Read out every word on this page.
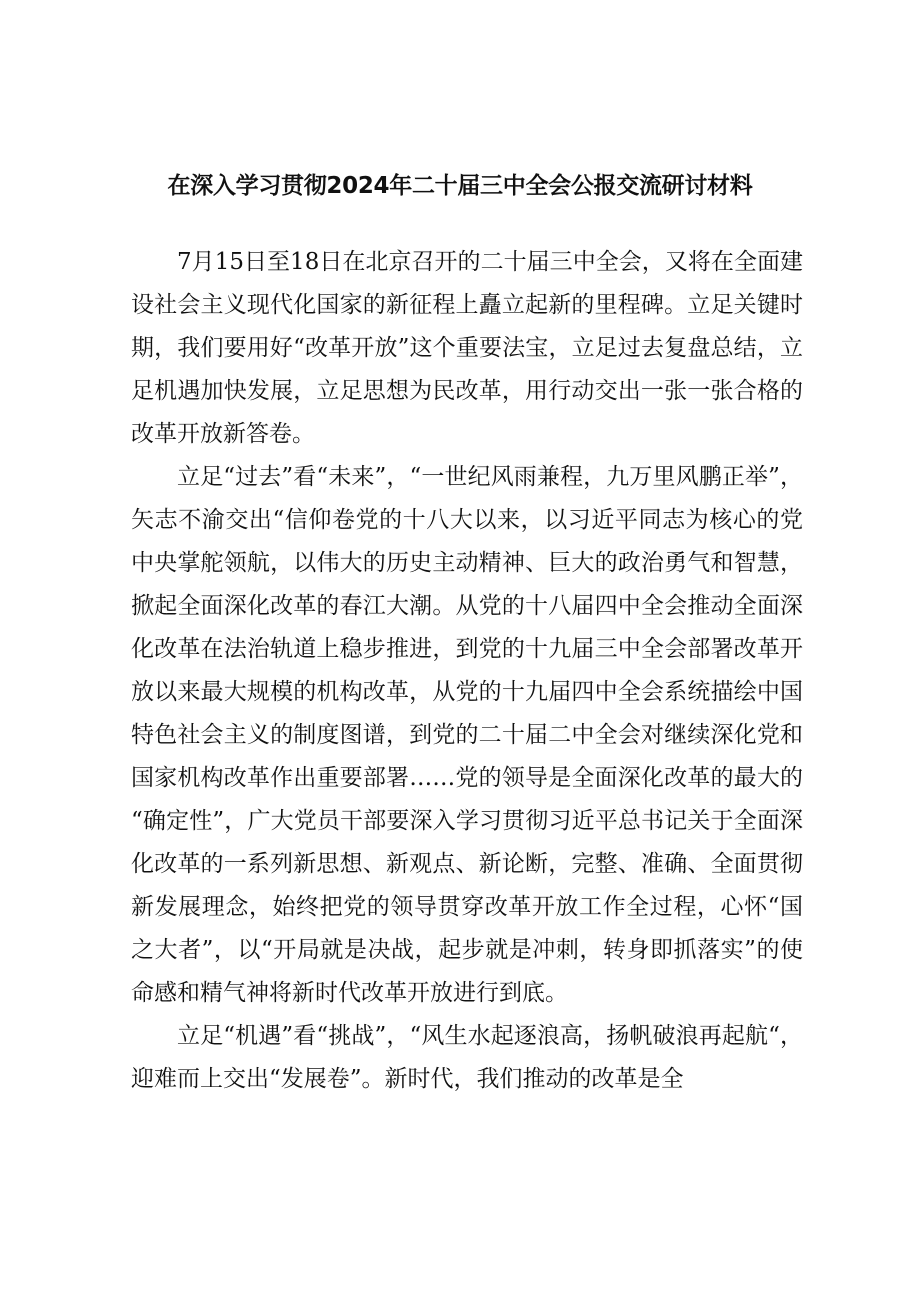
在深入学习贯彻2024年二十届三中全会公报交流研讨材料

7月15日至18日在北京召开的二十届三中全会，又将在全面建设社会主义现代化国家的新征程上矗立起新的里程碑。立足关键时期，我们要用好“改革开放”这个重要法宝，立足过去复盘总结，立足机遇加快发展，立足思想为民改革，用行动交出一张一张合格的改革开放新答卷。

立足“过去”看“未来”，“一世纪风雨兼程，九万里风鹏正举”，矢志不渝交出“信仰卷党的十八大以来，以习近平同志为核心的党中央掌舵领航，以伟大的历史主动精神、巨大的政治勇气和智慧，掀起全面深化改革的春江大潮。从党的十八届四中全会推动全面深化改革在法治轨道上稳步推进，到党的十九届三中全会部署改革开放以来最大规模的机构改革，从党的十九届四中全会系统描绘中国特色社会主义的制度图谱，到党的二十届二中全会对继续深化党和国家机构改革作出重要部署……党的领导是全面深化改革的最大的“确定性”，广大党员干部要深入学习贯彻习近平总书记关于全面深化改革的一系列新思想、新观点、新论断，完整、准确、全面贯彻新发展理念，始终把党的领导贯穿改革开放工作全过程，心怀“国之大者”，以“开局就是决战，起步就是冲刺，转身即抓落实”的使命感和精气神将新时代改革开放进行到底。

立足“机遇”看“挑战”，“风生水起逐浪高，扬帆破浪再起航“，迎难而上交出“发展卷”。新时代，我们推动的改革是全
